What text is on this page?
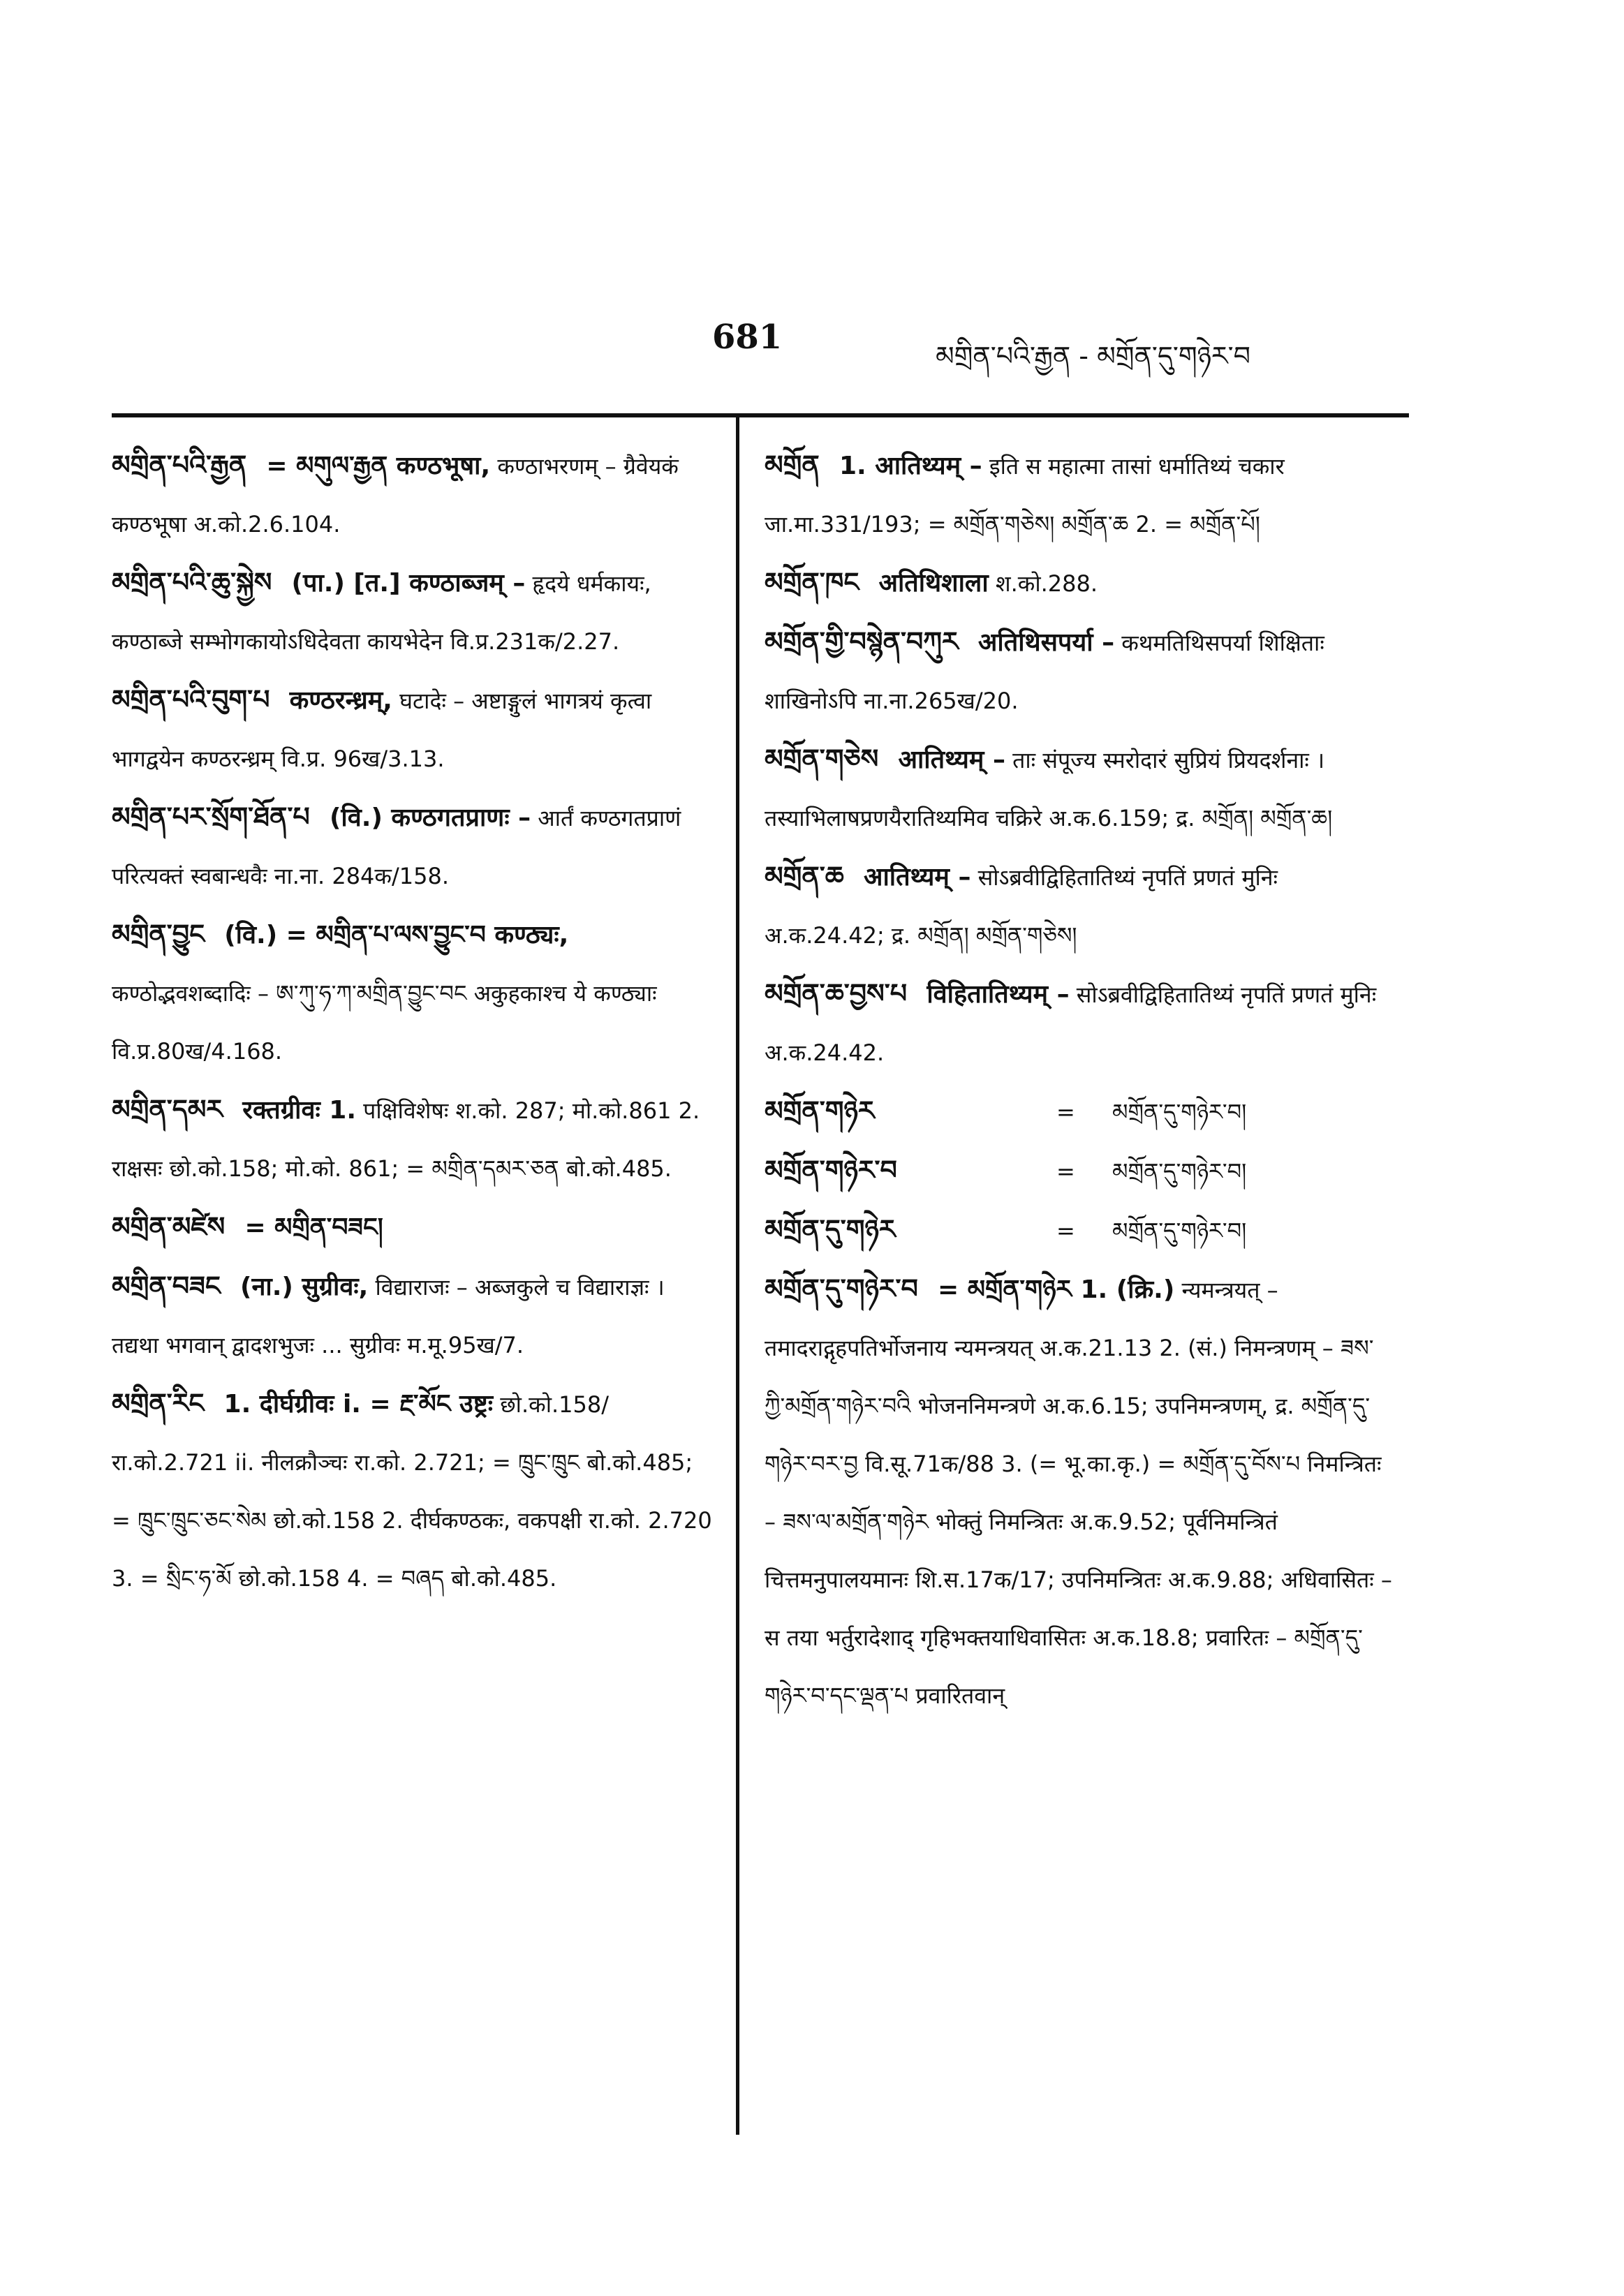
681	མགྲིན་པའི་རྒྱན - མགྲོན་དུ་གཉེར་བ

མགྲིན་པའི་རྒྱན = མགུལ་རྒྱན कण्ठभूषा, कण्ठाभरणम् – ग्रैवेयकं कण्ठभूषा अ.को.2.6.104.

མགྲིན་པའི་ཆུ་སྐྱེས (पा.) [त.] कण्ठाब्जम् – हृदये धर्मकायः, कण्ठाब्जे सम्भोगकायोऽधिदेवता कायभेदेन वि.प्र.231क/2.27.

མགྲིན་པའི་བུག་པ कण्ठरन्ध्रम्, घटादेः – अष्टाङ्गुलं भागत्रयं कृत्वा भागद्वयेन कण्ठरन्ध्रम् वि.प्र. 96ख/3.13.

མགྲིན་པར་སྲོག་ཐོན་པ (वि.) कण्ठगतप्राणः – आर्तं कण्ठगतप्राणं परित्यक्तं स्वबान्धवैः ना.ना. 284क/158.

མགྲིན་བྱུང (वि.) = མགྲིན་པ་ལས་བྱུང་བ कण्ठ्यः, कण्ठोद्भवशब्दादिः – ཨ་ཀུ་ཧ་ཀ་མགྲིན་བྱུང་བང अकुहकाश्च ये कण्ठ्याः वि.प्र.80ख/4.168.

མགྲིན་དམར रक्तग्रीवः 1. पक्षिविशेषः श.को. 287; मो.को.861 2. राक्षसः छो.को.158; मो.को. 861; = མགྲིན་དམར་ཅན बो.को.485.

མགྲིན་མཛེས = མགྲིན་བཟང།

མགྲིན་བཟང (ना.) सुग्रीवः, विद्याराजः – अब्जकुले च विद्याराज्ञः । तद्यथा भगवान् द्वादशभुजः ... सुग्रीवः म.मू.95ख/7.

མགྲིན་རིང 1. दीर्घग्रीवः i. = རྔ་མོང उष्ट्रः छो.को.158/रा.को.2.721 ii. नीलक्रौञ्चः रा.को. 2.721; = ཁྲུང་ཁྲུང बो.को.485; = ཁྲུང་ཁྲུང་ཅང་སེམ छो.को.158 2. दीर्घकण्ठकः, वकपक्षी रा.को. 2.720 3. = སྲིང་ཧ་མོ छो.को.158 4. = བཞད बो.को.485.

མགྲོན 1. आतिथ्यम् – इति स महात्मा तासां धर्मातिथ्यं चकार जा.मा.331/193; = མགྲོན་གཅེས། མགྲོན་ཆ 2. = མགྲོན་པོ།

མགྲོན་ཁང अतिथिशाला श.को.288.

མགྲོན་གྱི་བསྙེན་བཀུར अतिथिसपर्या – कथमतिथिसपर्या शिक्षिताः शाखिनोऽपि ना.ना.265ख/20.

མགྲོན་གཅེས आतिथ्यम् – ताः संपूज्य स्मरोदारं सुप्रियं प्रियदर्शनाः । तस्याभिलाषप्रणयैरातिथ्यमिव चक्रिरे अ.क.6.159; द्र. མགྲོན། མགྲོན་ཆ།

མགྲོན་ཆ आतिथ्यम् – सोऽब्रवीद्विहितातिथ्यं नृपतिं प्रणतं मुनिः अ.क.24.42; द्र. མགྲོན། མགྲོན་གཅེས།

མགྲོན་ཆ་བྱས་པ विहितातिथ्यम् – सोऽब्रवीद्विहितातिथ्यं नृपतिं प्रणतं मुनिः अ.क.24.42.

མགྲོན་གཉེར	=	མགྲོན་དུ་གཉེར་བ།
མགྲོན་གཉེར་བ	=	མགྲོན་དུ་གཉེར་བ།
མགྲོན་དུ་གཉེར	=	མགྲོན་དུ་གཉེར་བ།

མགྲོན་དུ་གཉེར་བ = མགྲོན་གཉེར 1. (क्रि.) न्यमन्त्रयत् – तमादराद्गृहपतिर्भोजनाय न्यमन्त्रयत् अ.क.21.13 2. (सं.) निमन्त्रणम् – ཟས་ཀྱི་མགྲོན་གཉེར་བའི भोजननिमन्त्रणे अ.क.6.15; उपनिमन्त्रणम्, द्र. མགྲོན་དུ་གཉེར་བར་བྱ वि.सू.71क/88 3. (= भू.का.कृ.) = མགྲོན་དུ་བོས་པ निमन्त्रितः – ཟས་ལ་མགྲོན་གཉེར भोक्तुं निमन्त्रितः अ.क.9.52; पूर्वनिमन्त्रितं चित्तमनुपालयमानः शि.स.17क/17; उपनिमन्त्रितः अ.क.9.88; अधिवासितः – स तया भर्तुरादेशाद् गृहिभक्तयाधिवासितः अ.क.18.8; प्रवारितः – མགྲོན་དུ་གཉེར་བ་དང་ལྡན་པ प्रवारितवान्
